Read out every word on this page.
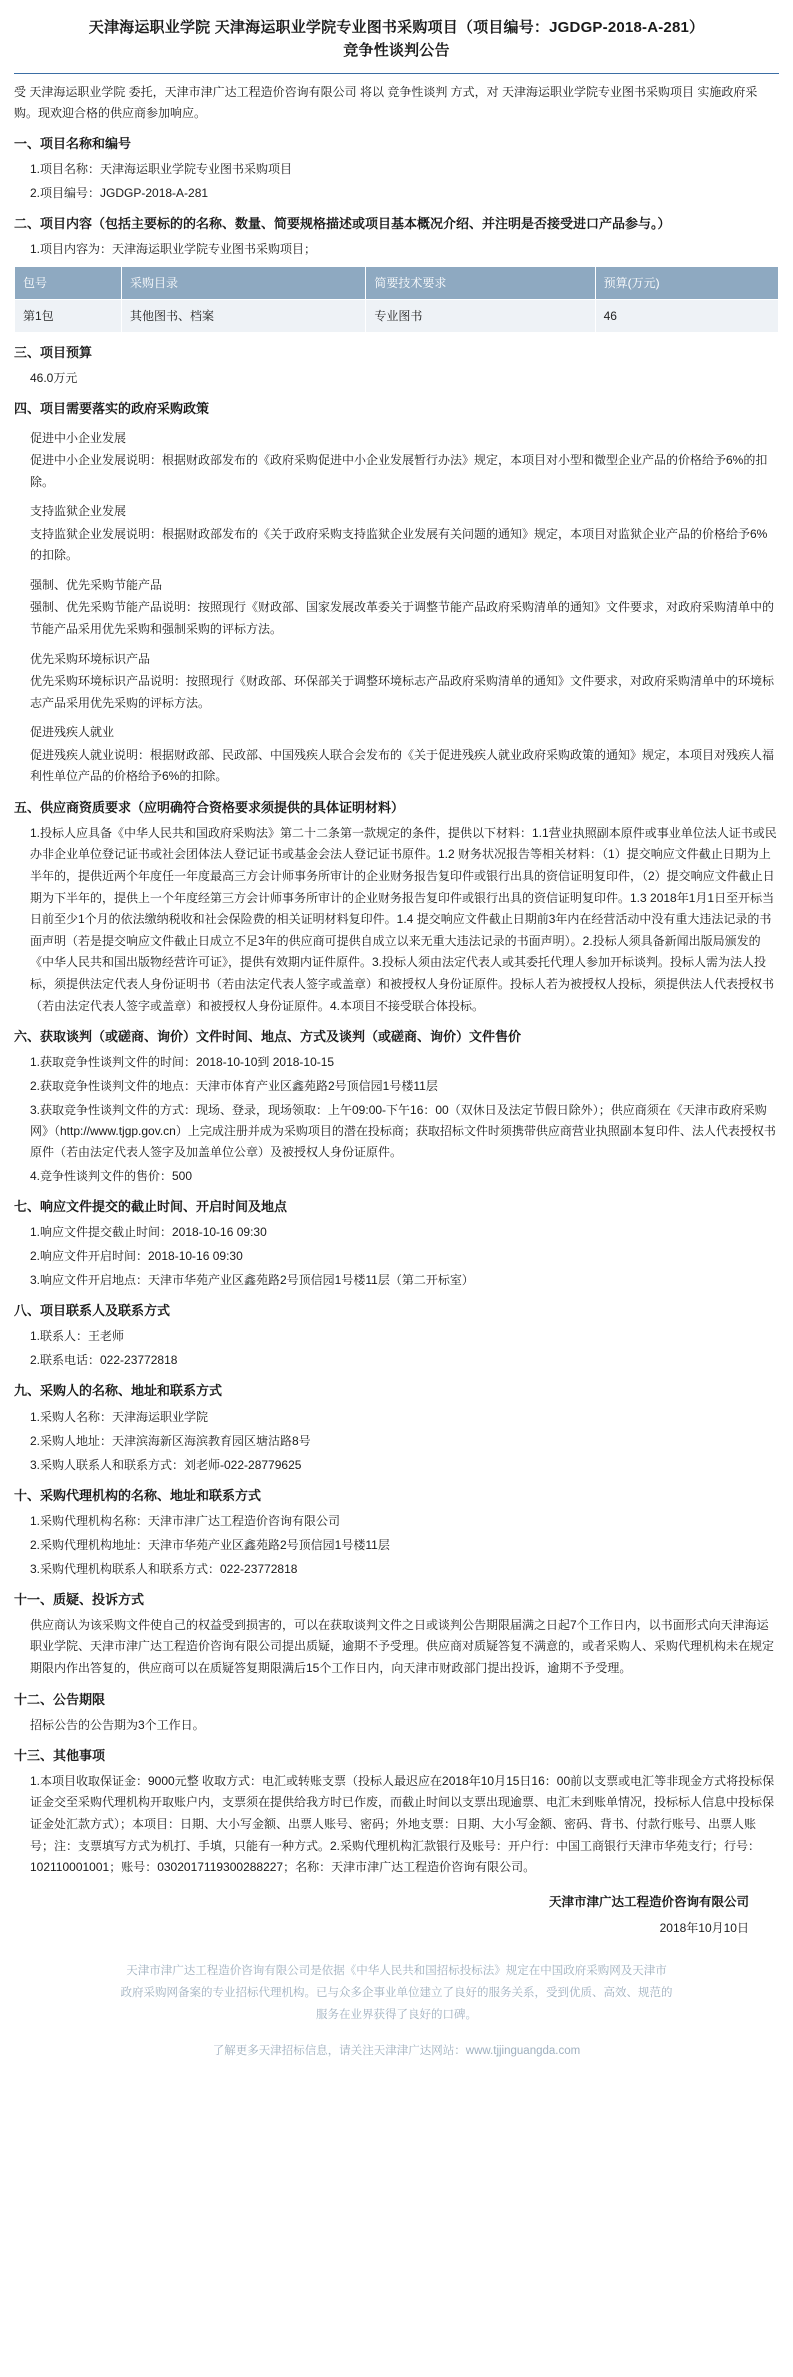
天津海运职业学院 天津海运职业学院专业图书采购项目（项目编号：JGDGP-2018-A-281）
竞争性谈判公告

受 天津海运职业学院 委托，天津市津广达工程造价咨询有限公司 将以 竞争性谈判 方式，对 天津海运职业学院专业图书采购项目 实施政府采购。现欢迎合格的供应商参加响应。

一、项目名称和编号

1.项目名称：天津海运职业学院专业图书采购项目

2.项目编号：JGDGP-2018-A-281

二、项目内容（包括主要标的的名称、数量、简要规格描述或项目基本概况介绍、并注明是否接受进口产品参与。）

1.项目内容为：天津海运职业学院专业图书采购项目；

包号	采购目录	简要技术要求	预算(万元)
第1包	其他图书、档案	专业图书	46
三、项目预算

46.0万元

四、项目需要落实的政府采购政策

促进中小企业发展

促进中小企业发展说明：根据财政部发布的《政府采购促进中小企业发展暂行办法》规定，本项目对小型和微型企业产品的价格给予6%的扣除。

支持监狱企业发展

支持监狱企业发展说明：根据财政部发布的《关于政府采购支持监狱企业发展有关问题的通知》规定，本项目对监狱企业产品的价格给予6%的扣除。

强制、优先采购节能产品

强制、优先采购节能产品说明：按照现行《财政部、国家发展改革委关于调整节能产品政府采购清单的通知》文件要求，对政府采购清单中的节能产品采用优先采购和强制采购的评标方法。

优先采购环境标识产品

优先采购环境标识产品说明：按照现行《财政部、环保部关于调整环境标志产品政府采购清单的通知》文件要求，对政府采购清单中的环境标志产品采用优先采购的评标方法。

促进残疾人就业

促进残疾人就业说明：根据财政部、民政部、中国残疾人联合会发布的《关于促进残疾人就业政府采购政策的通知》规定，本项目对残疾人福利性单位产品的价格给予6%的扣除。

五、供应商资质要求（应明确符合资格要求须提供的具体证明材料）

1.投标人应具备《中华人民共和国政府采购法》第二十二条第一款规定的条件，提供以下材料：1.1营业执照副本原件或事业单位法人证书或民办非企业单位登记证书或社会团体法人登记证书或基金会法人登记证书原件。1.2 财务状况报告等相关材料：（1）提交响应文件截止日期为上半年的，提供近两个年度任一年度最高三方会计师事务所审计的企业财务报告复印件或银行出具的资信证明复印件，（2）提交响应文件截止日期为下半年的，提供上一个年度经第三方会计师事务所审计的企业财务报告复印件或银行出具的资信证明复印件。1.3 2018年1月1日至开标当日前至少1个月的依法缴纳税收和社会保险费的相关证明材料复印件。1.4 提交响应文件截止日期前3年内在经营活动中没有重大违法记录的书面声明（若是提交响应文件截止日成立不足3年的供应商可提供自成立以来无重大违法记录的书面声明）。2.投标人须具备新闻出版局颁发的《中华人民共和国出版物经营许可证》，提供有效期内证件原件。3.投标人须由法定代表人或其委托代理人参加开标谈判。投标人需为法人投标，须提供法定代表人身份证明书（若由法定代表人签字或盖章）和被授权人身份证原件。投标人若为被授权人投标，须提供法人代表授权书（若由法定代表人签字或盖章）和被授权人身份证原件。4.本项目不接受联合体投标。

六、获取谈判（或磋商、询价）文件时间、地点、方式及谈判（或磋商、询价）文件售价

1.获取竞争性谈判文件的时间：2018-10-10到 2018-10-15

2.获取竞争性谈判文件的地点：天津市体育产业区鑫苑路2号顶信园1号楼11层

3.获取竞争性谈判文件的方式：现场、登录，现场领取：上午09:00-下午16：00（双休日及法定节假日除外）；供应商须在《天津市政府采购网》（http://www.tjgp.gov.cn）上完成注册并成为采购项目的潜在投标商；获取招标文件时须携带供应商营业执照副本复印件、法人代表授权书原件（若由法定代表人签字及加盖单位公章）及被授权人身份证原件。

4.竞争性谈判文件的售价：500

七、响应文件提交的截止时间、开启时间及地点

1.响应文件提交截止时间：2018-10-16 09:30

2.响应文件开启时间：2018-10-16 09:30

3.响应文件开启地点：天津市华苑产业区鑫苑路2号顶信园1号楼11层（第二开标室）

八、项目联系人及联系方式

1.联系人：王老师

2.联系电话：022-23772818

九、采购人的名称、地址和联系方式

1.采购人名称：天津海运职业学院

2.采购人地址：天津滨海新区海滨教育园区塘沽路8号

3.采购人联系人和联系方式：刘老师-022-28779625

十、采购代理机构的名称、地址和联系方式

1.采购代理机构名称：天津市津广达工程造价咨询有限公司

2.采购代理机构地址：天津市华苑产业区鑫苑路2号顶信园1号楼11层

3.采购代理机构联系人和联系方式：022-23772818

十一、质疑、投诉方式

供应商认为该采购文件使自己的权益受到损害的，可以在获取谈判文件之日或谈判公告期限届满之日起7个工作日内，以书面形式向天津海运职业学院、天津市津广达工程造价咨询有限公司提出质疑，逾期不予受理。供应商对质疑答复不满意的，或者采购人、采购代理机构未在规定期限内作出答复的，供应商可以在质疑答复期限满后15个工作日内，向天津市财政部门提出投诉，逾期不予受理。

十二、公告期限

招标公告的公告期为3个工作日。

十三、其他事项

1.本项目收取保证金：9000元整 收取方式：电汇或转账支票（投标人最迟应在2018年10月15日16：00前以支票或电汇等非现金方式将投标保证金交至采购代理机构开取账户内，支票须在提供给我方时已作废，而截止时间以支票出现逾票、电汇未到账单情况，投标标人信息中投标保证金处汇款方式）；本项目：日期、大小写金额、出票人账号、密码；外地支票：日期、大小写金额、密码、背书、付款行账号、出票人账号；注：支票填写方式为机打、手填，只能有一种方式。2.采购代理机构汇款银行及账号：开户行：中国工商银行天津市华苑支行；行号：102110001001；账号：0302017119300288227；名称：天津市津广达工程造价咨询有限公司。

天津市津广达工程造价咨询有限公司
2018年10月10日
天津市津广达工程造价咨询有限公司是依据《中华人民共和国招标投标法》规定在中国政府采购网及天津市
政府采购网备案的专业招标代理机构。已与众多企事业单位建立了良好的服务关系，受到优质、高效、规范的
服务在业界获得了良好的口碑。
了解更多天津招标信息，请关注天津津广达网站：www.tjjinguangda.com
